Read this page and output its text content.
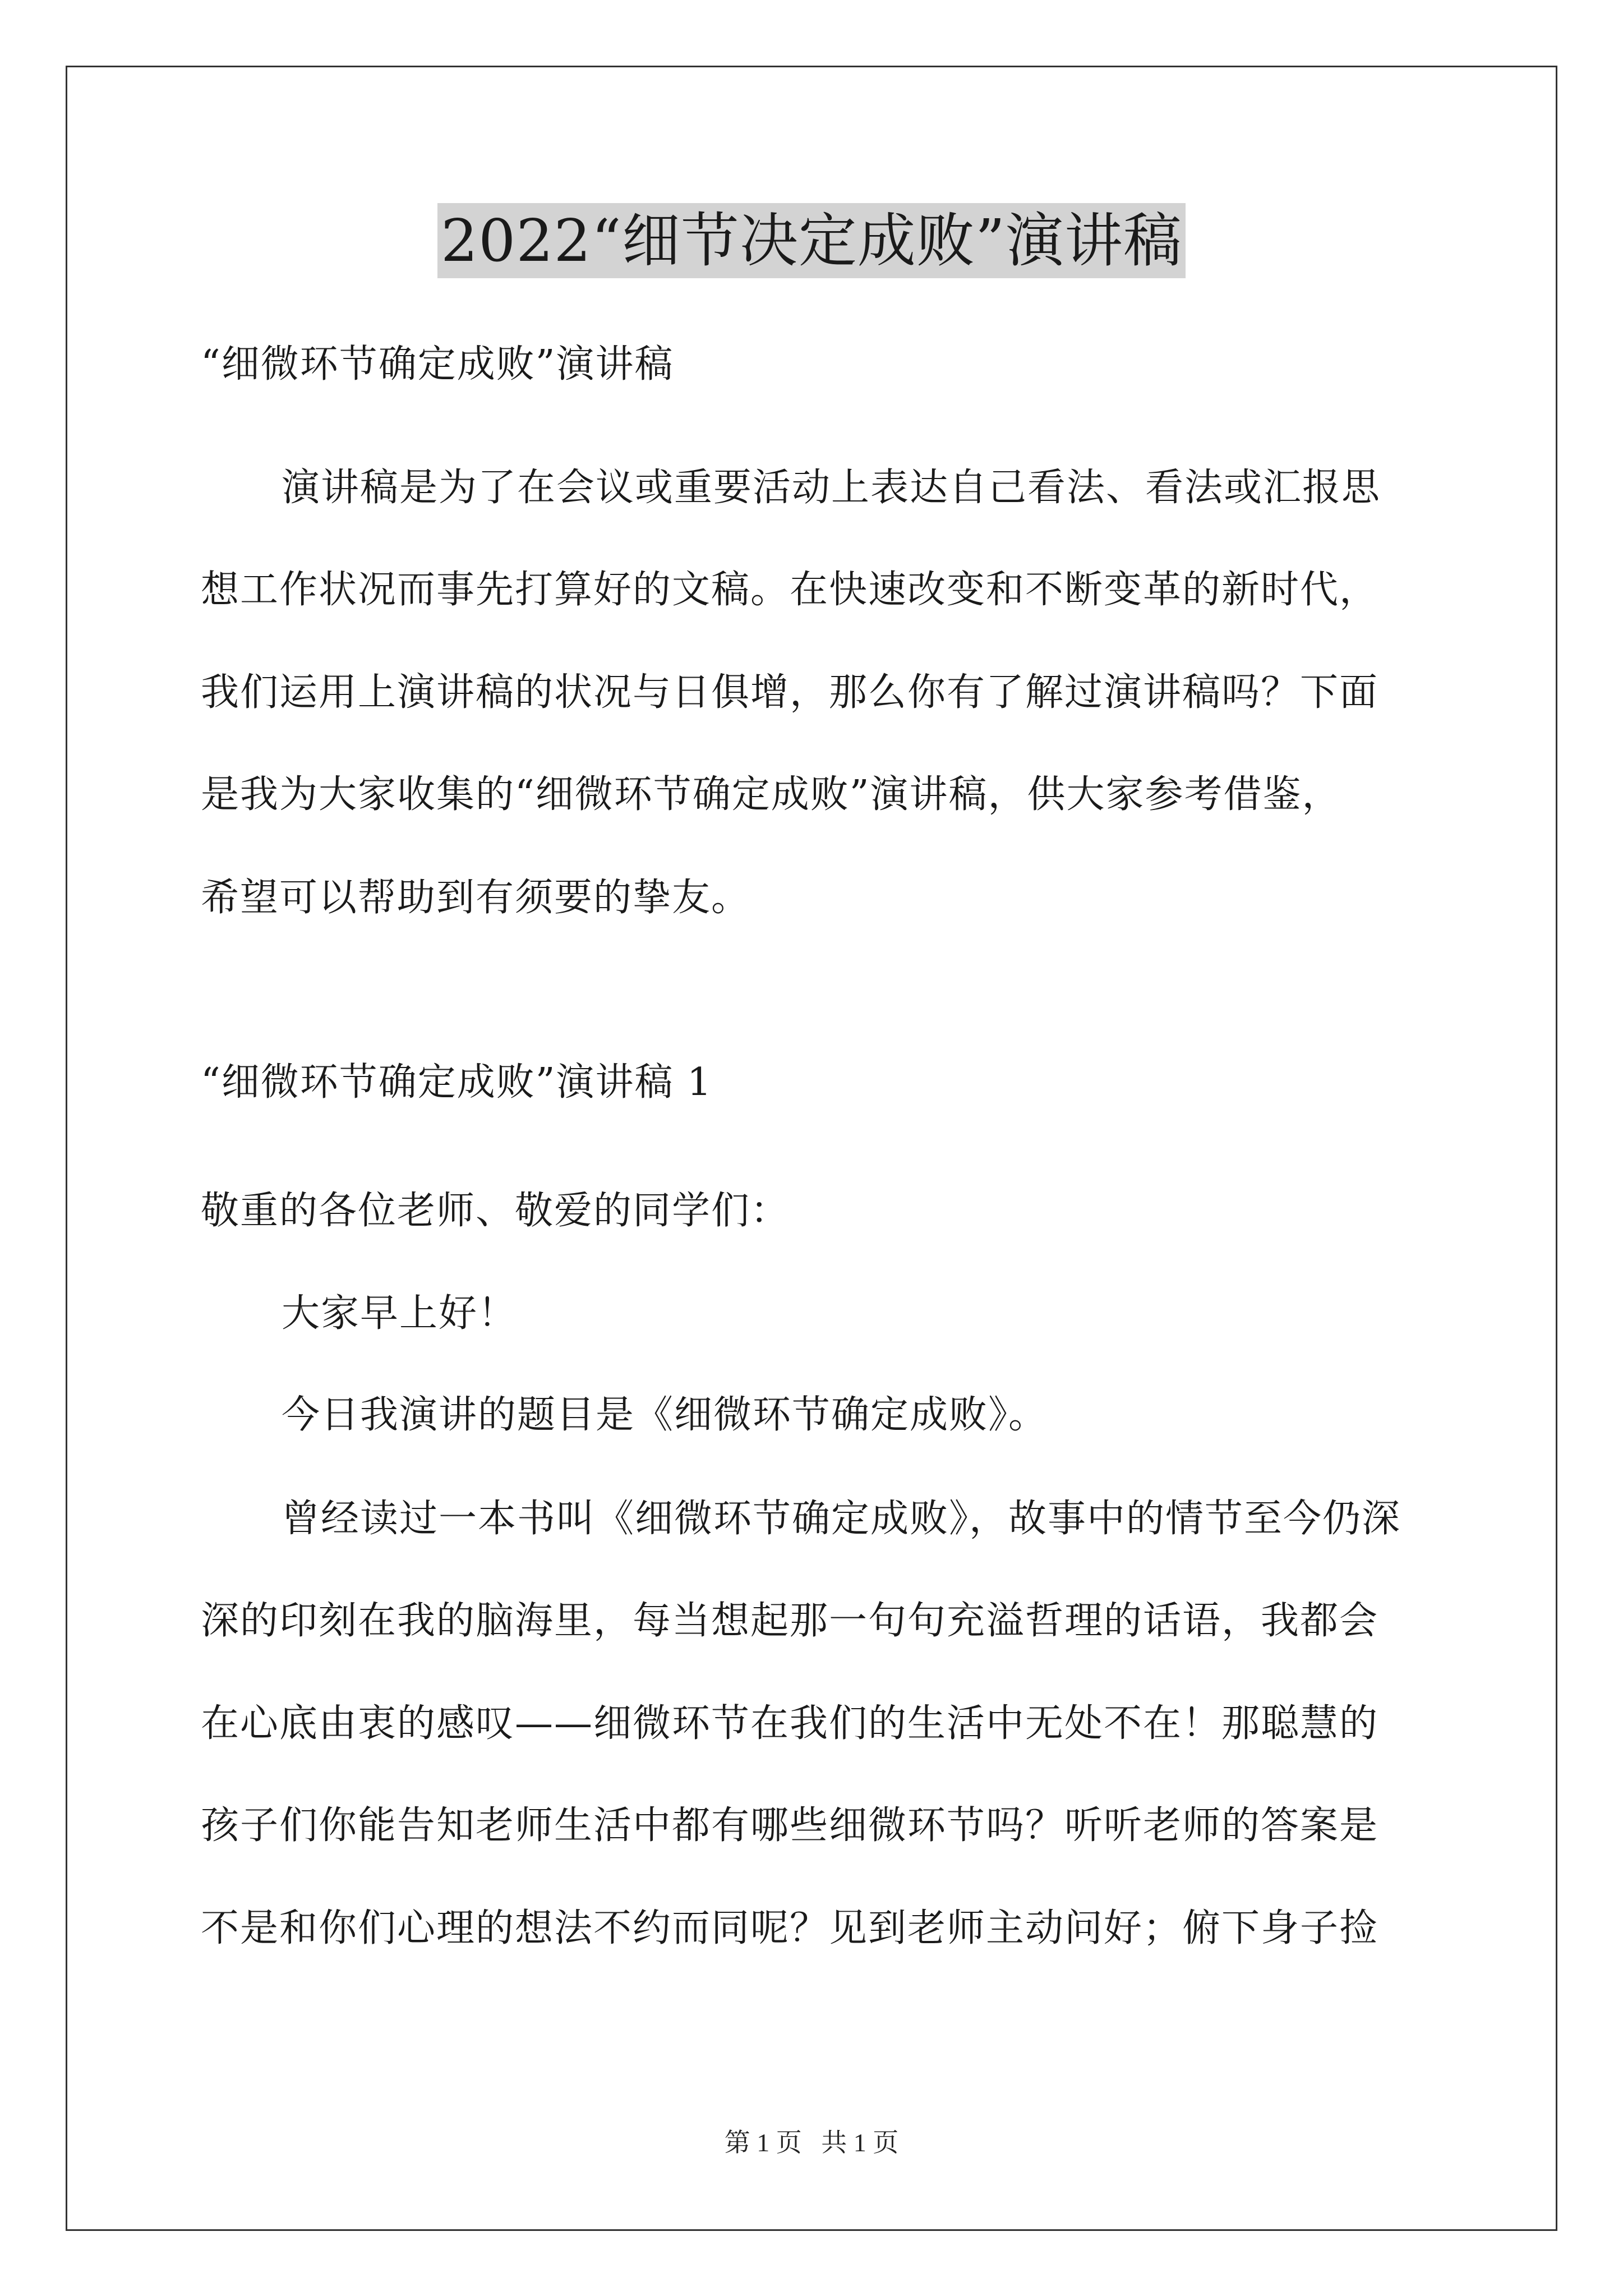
2022“细节决定成败”演讲稿
“细微环节确定成败”演讲稿
演讲稿是为了在会议或重要活动上表达自己看法、看法或汇报思
想工作状况而事先打算好的文稿。在快速改变和不断变革的新时代，
我们运用上演讲稿的状况与日俱增，那么你有了解过演讲稿吗？下面
是我为大家收集的“细微环节确定成败”演讲稿，供大家参考借鉴，
希望可以帮助到有须要的挚友。
“细微环节确定成败”演讲稿 1
敬重的各位老师、敬爱的同学们：
大家早上好！
今日我演讲的题目是《细微环节确定成败》。
曾经读过一本书叫《细微环节确定成败》，故事中的情节至今仍深
深的印刻在我的脑海里，每当想起那一句句充溢哲理的话语，我都会
在心底由衷的感叹——细微环节在我们的生活中无处不在！那聪慧的
孩子们你能告知老师生活中都有哪些细微环节吗？听听老师的答案是
不是和你们心理的想法不约而同呢？见到老师主动问好；俯下身子捡
第 1 页 共 1 页
